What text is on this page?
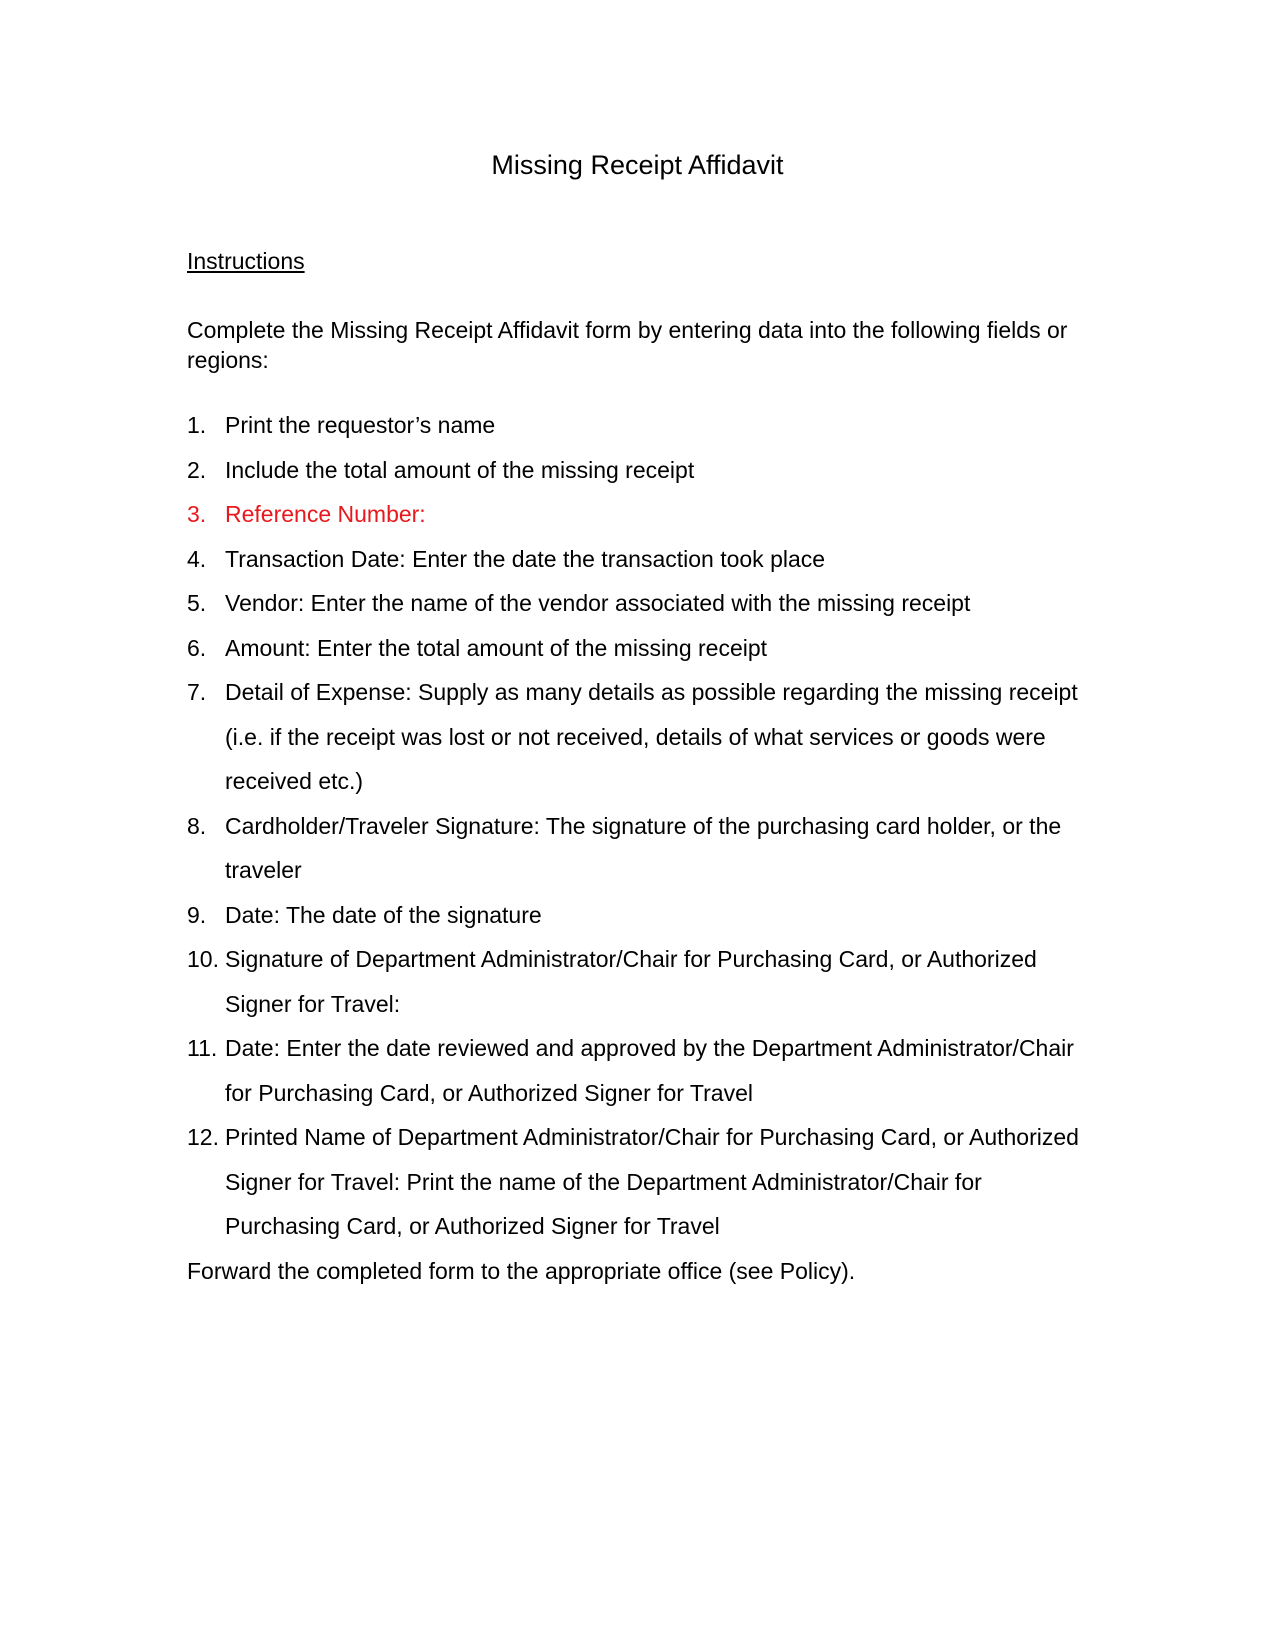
Missing Receipt Affidavit
Instructions

Complete the Missing Receipt Affidavit form by entering data into the following fields or regions:

1. Print the requestor’s name
2. Include the total amount of the missing receipt
3. Reference Number:
4. Transaction Date: Enter the date the transaction took place
5. Vendor: Enter the name of the vendor associated with the missing receipt
6. Amount: Enter the total amount of the missing receipt
7. Detail of Expense: Supply as many details as possible regarding the missing receipt (i.e. if the receipt was lost or not received, details of what services or goods were received etc.)
8. Cardholder/Traveler Signature: The signature of the purchasing card holder, or the traveler
9. Date: The date of the signature
10. Signature of Department Administrator/Chair for Purchasing Card, or Authorized Signer for Travel:
11. Date: Enter the date reviewed and approved by the Department Administrator/Chair for Purchasing Card, or Authorized Signer for Travel
12. Printed Name of Department Administrator/Chair for Purchasing Card, or Authorized Signer for Travel: Print the name of the Department Administrator/Chair for Purchasing Card, or Authorized Signer for Travel

Forward the completed form to the appropriate office (see Policy).
